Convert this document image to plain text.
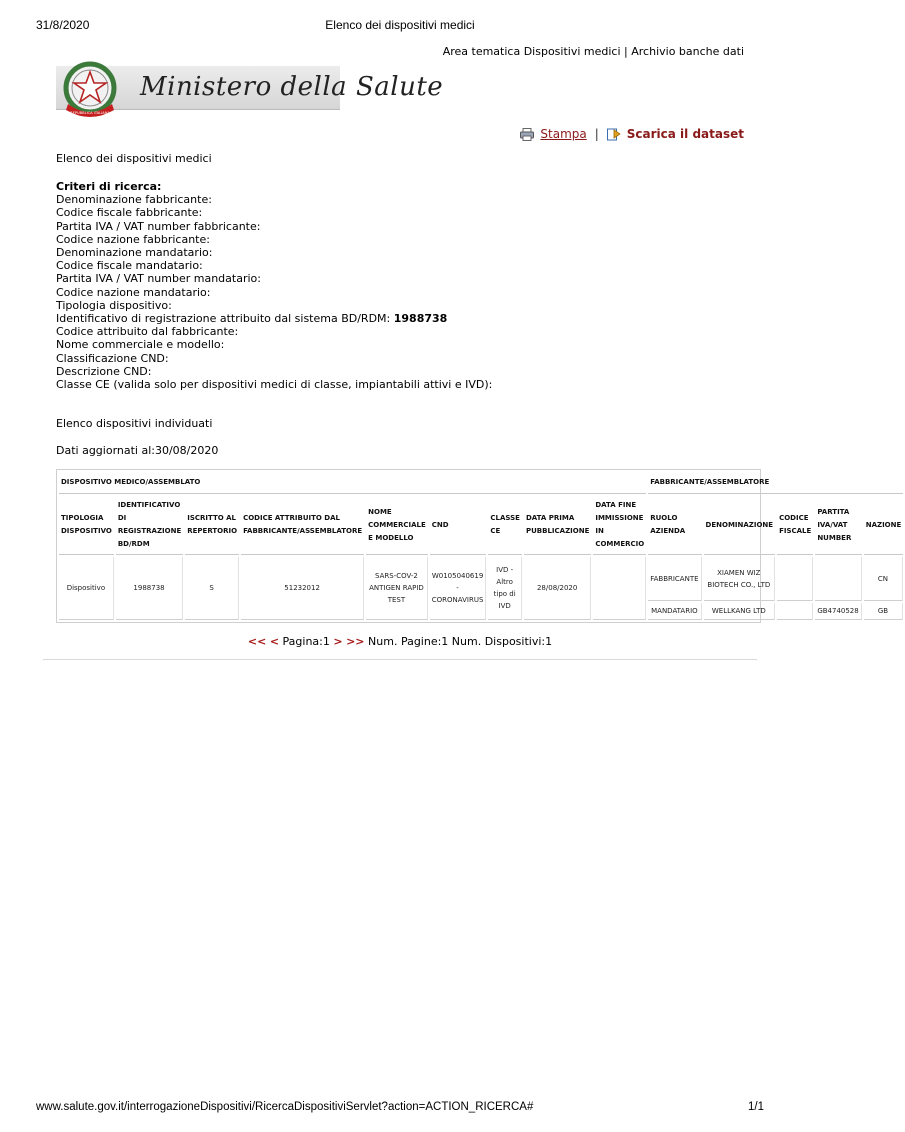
31/8/2020	Elenco dei dispositivi medici
Area tematica Dispositivi medici | Archivio banche dati
REPUBBLICA ITALIANA
Ministero della Salute
Stampa | Scarica il dataset
Elenco dei dispositivi medici
Criteri di ricerca:
Denominazione fabbricante:
Codice fiscale fabbricante:
Partita IVA / VAT number fabbricante:
Codice nazione fabbricante:
Denominazione mandatario:
Codice fiscale mandatario:
Partita IVA / VAT number mandatario:
Codice nazione mandatario:
Tipologia dispositivo:
Identificativo di registrazione attribuito dal sistema BD/RDM: 1988738
Codice attribuito dal fabbricante:
Nome commerciale e modello:
Classificazione CND:
Descrizione CND:
Classe CE (valida solo per dispositivi medici di classe, impiantabili attivi e IVD):
Elenco dispositivi individuati
Dati aggiornati al:30/08/2020
DISPOSITIVO MEDICO/ASSEMBLATO									FABBRICANTE/ASSEMBLATORE				
TIPOLOGIA DISPOSITIVO	IDENTIFICATIVO DI REGISTRAZIONE BD/RDM	ISCRITTO AL REPERTORIO	CODICE ATTRIBUITO DAL FABBRICANTE/ASSEMBLATORE	NOME COMMERCIALE E MODELLO	CND	CLASSE CE	DATA PRIMA PUBBLICAZIONE	DATA FINE IMMISSIONE IN COMMERCIO	RUOLO AZIENDA	DENOMINAZIONE	CODICE FISCALE	PARTITA IVA/VAT NUMBER	NAZIONE
Dispositivo	1988738	S	51232012	SARS-COV-2 ANTIGEN RAPID TEST	W0105040619 - CORONAVIRUS	IVD - Altro tipo di IVD	28/08/2020		FABBRICANTE	XIAMEN WIZ BIOTECH CO., LTD			CN
									MANDATARIO	WELLKANG LTD		GB4740528	GB
<< < Pagina:1 > >> Num. Pagine:1 Num. Dispositivi:1
www.salute.gov.it/interrogazioneDispositivi/RicercaDispositiviServlet?action=ACTION_RICERCA#	1/1
